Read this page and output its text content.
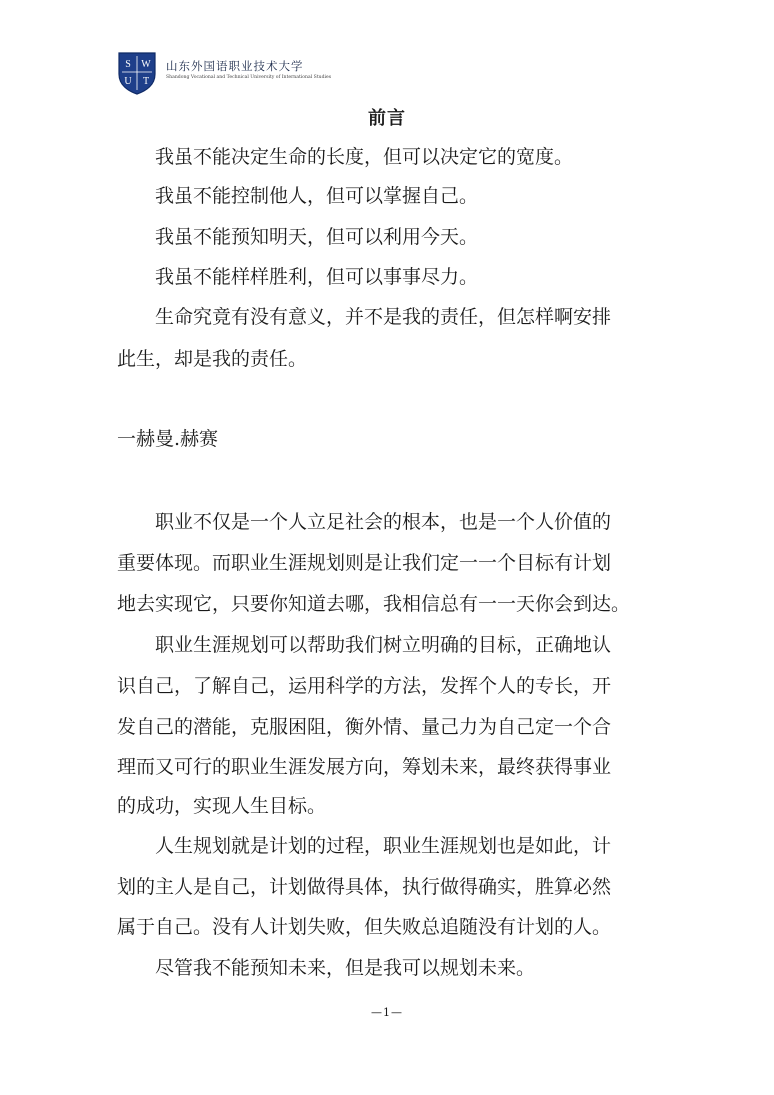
S W
U T
山东外国语职业技术大学
Shandong Vocational and Technical University of International Studies
前言
　　我虽不能决定生命的长度，但可以决定它的宽度。
　　我虽不能控制他人，但可以掌握自己。
　　我虽不能预知明天，但可以利用今天。
　　我虽不能样样胜利，但可以事事尽力。
　　生命究竟有没有意义，并不是我的责任，但怎样啊安排
此生，却是我的责任。
一赫曼.赫赛
　　职业不仅是一个人立足社会的根本，也是一个人价值的
重要体现。而职业生涯规划则是让我们定一一个目标有计划
地去实现它，只要你知道去哪，我相信总有一一天你会到达。
　　职业生涯规划可以帮助我们树立明确的目标，正确地认
识自己，了解自己，运用科学的方法，发挥个人的专长，开
发自己的潜能，克服困阻，衡外情、量己力为自己定一个合
理而又可行的职业生涯发展方向，筹划未来，最终获得事业
的成功，实现人生目标。
　　人生规划就是计划的过程，职业生涯规划也是如此，计
划的主人是自己，计划做得具体，执行做得确实，胜算必然
属于自己。没有人计划失败，但失败总追随没有计划的人。
　　尽管我不能预知未来，但是我可以规划未来。
—1—
